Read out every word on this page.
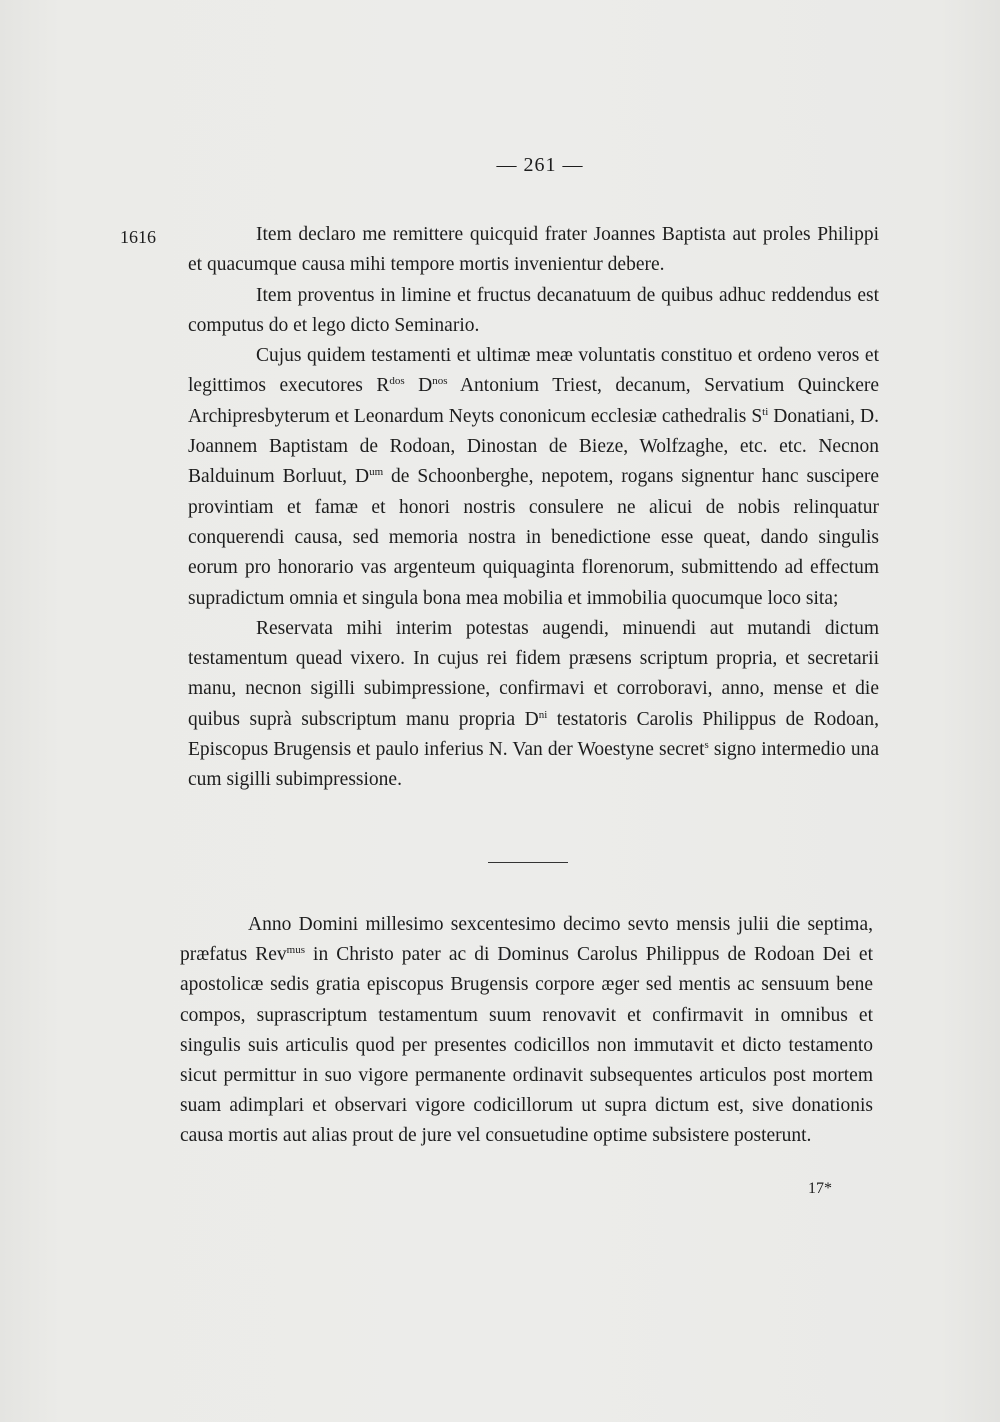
— 261 —
1616	Item declaro me remittere quicquid frater Joannes Baptista aut proles Philippi et quacumque causa mihi tempore mortis invenientur debere.

Item proventus in limine et fructus decanatuum de quibus adhuc reddendus est computus do et lego dicto Seminario.

Cujus quidem testamenti et ultimæ meæ voluntatis constituo et ordeno veros et legittimos executores $R^{dos}$ $D^{nos}$ Antonium Triest, decanum, Servatium Quinckere Archipresbyterum et Leonardum Neyts cononicum ecclesiæ cathedralis $S^{ti}$ Donatiani, D. Joannem Baptistam de Rodoan, Dinostan de Bieze, Wolfzaghe, etc. etc. Necnon Balduinum Borluut, $D^{um}$ de Schoonberghe, nepotem, rogans signentur hanc suscipere provintiam et famæ et honori nostris consulere ne alicui de nobis relinquatur conquerendi causa, sed memoria nostra in benedictione esse queat, dando singulis eorum pro honorario vas argenteum quiquaginta florenorum, submittendo ad effectum supradictum omnia et singula bona mea mobilia et immobilia quocumque loco sita;

Reservata mihi interim potestas augendi, minuendi aut mutandi dictum testamentum quead vixero. In cujus rei fidem præsens scriptum propria, et secretarii manu, necnon sigilli subimpressione, confirmavi et corroboravi, anno, mense et die quibus suprà subscriptum manu propria $D^{ni}$ testatoris Carolis Philippus de Rodoan, Episcopus Brugensis et paulo inferius N. Van der Woestyne secret$^s$ signo intermedio una cum sigilli subimpressione.

Anno Domini millesimo sexcentesimo decimo sevto mensis julii die septima, præfatus Rev$^{mus}$ in Christo pater ac di Dominus Carolus Philippus de Rodoan Dei et apostolicæ sedis gratia episcopus Brugensis corpore æger sed mentis ac sensuum bene compos, suprascriptum testamentum suum renovavit et confirmavit in omnibus et singulis suis articulis quod per presentes codicillos non immutavit et dicto testamento sicut permittur in suo vigore permanente ordinavit subsequentes articulos post mortem suam adimplari et observari vigore codicillorum ut supra dictum est, sive donationis causa mortis aut alias prout de jure vel consuetudine optime subsistere posterunt.

17*
